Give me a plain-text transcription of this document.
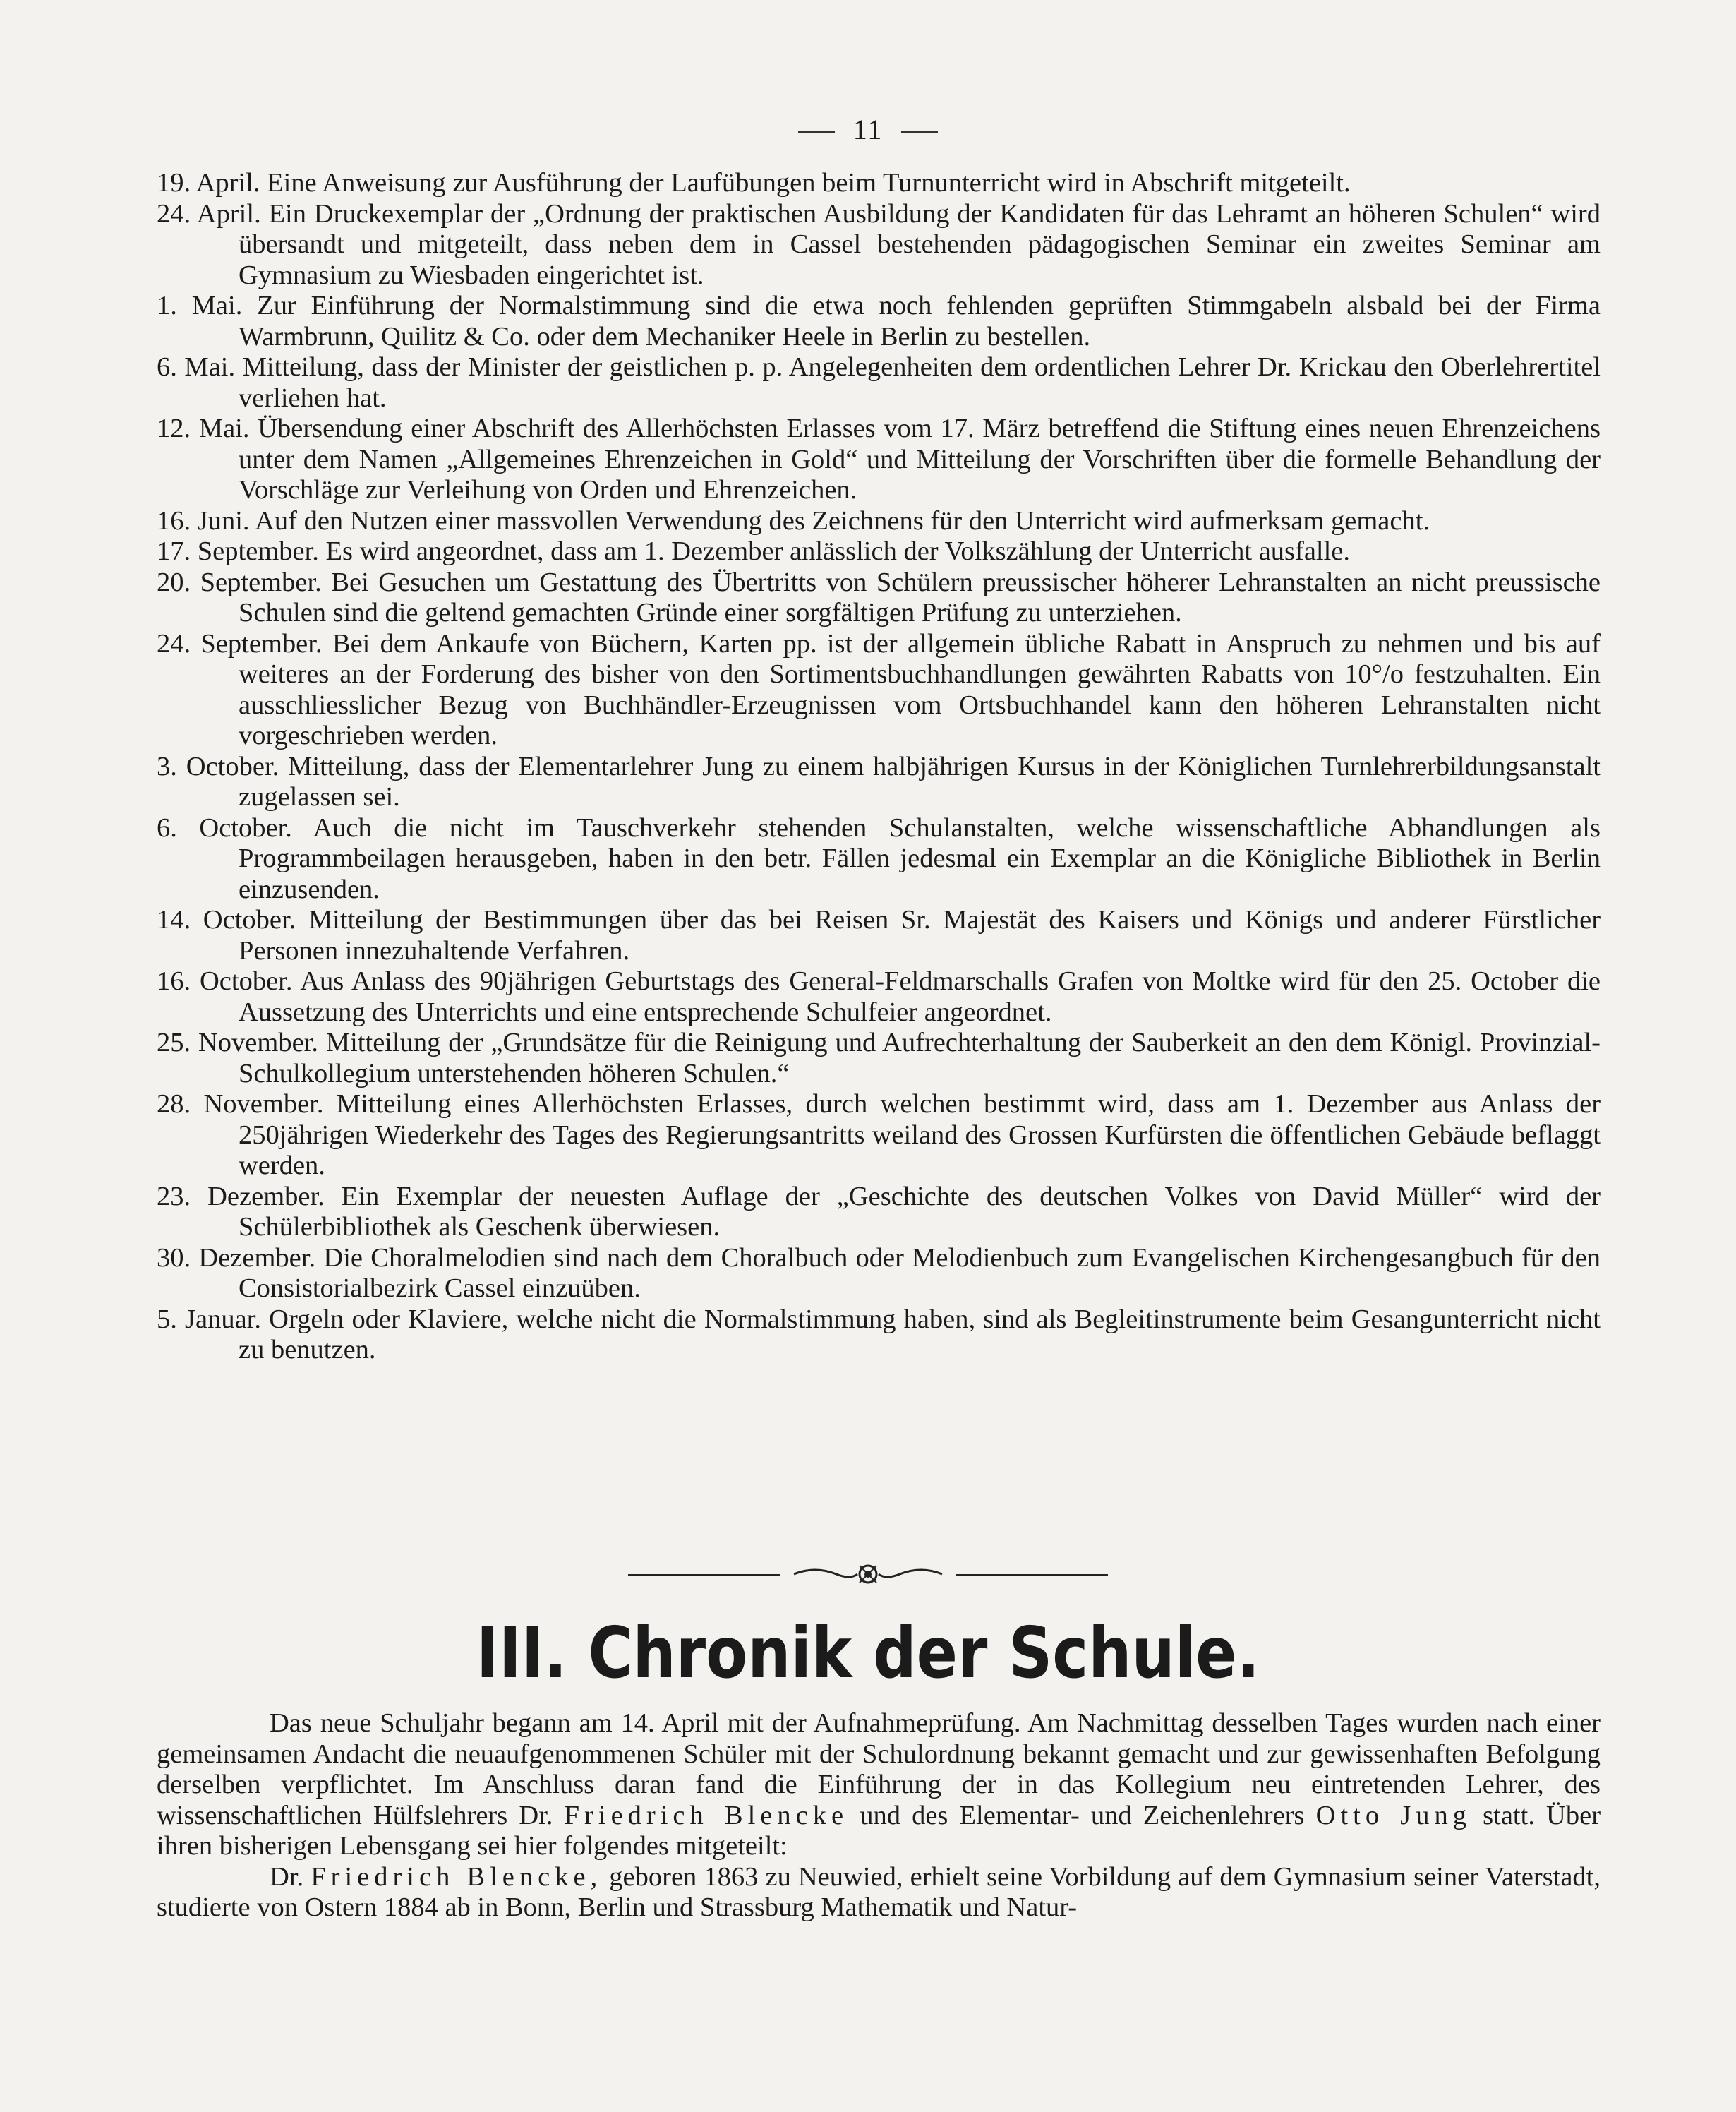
11
19. April. Eine Anweisung zur Ausführung der Laufübungen beim Turnunterricht wird in Abschrift mitgeteilt.
24. April. Ein Druckexemplar der „Ordnung der praktischen Ausbildung der Kandidaten für das Lehramt an höheren Schulen“ wird übersandt und mitgeteilt, dass neben dem in Cassel bestehenden pädagogischen Seminar ein zweites Seminar am Gymnasium zu Wiesbaden eingerichtet ist.
1. Mai. Zur Einführung der Normalstimmung sind die etwa noch fehlenden geprüften Stimmgabeln alsbald bei der Firma Warmbrunn, Quilitz & Co. oder dem Mechaniker Heele in Berlin zu bestellen.
6. Mai. Mitteilung, dass der Minister der geistlichen p. p. Angelegenheiten dem ordentlichen Lehrer Dr. Krickau den Oberlehrertitel verliehen hat.
12. Mai. Übersendung einer Abschrift des Allerhöchsten Erlasses vom 17. März betreffend die Stiftung eines neuen Ehrenzeichens unter dem Namen „Allgemeines Ehrenzeichen in Gold“ und Mitteilung der Vorschriften über die formelle Behandlung der Vorschläge zur Verleihung von Orden und Ehrenzeichen.
16. Juni. Auf den Nutzen einer massvollen Verwendung des Zeichnens für den Unterricht wird aufmerksam gemacht.
17. September. Es wird angeordnet, dass am 1. Dezember anlässlich der Volkszählung der Unterricht ausfalle.
20. September. Bei Gesuchen um Gestattung des Übertritts von Schülern preussischer höherer Lehranstalten an nicht preussische Schulen sind die geltend gemachten Gründe einer sorgfältigen Prüfung zu unterziehen.
24. September. Bei dem Ankaufe von Büchern, Karten pp. ist der allgemein übliche Rabatt in Anspruch zu nehmen und bis auf weiteres an der Forderung des bisher von den Sortimentsbuchhandlungen gewährten Rabatts von 10°/o festzuhalten. Ein ausschliesslicher Bezug von Buchhändler-Erzeugnissen vom Ortsbuchhandel kann den höheren Lehranstalten nicht vorgeschrieben werden.
3. October. Mitteilung, dass der Elementarlehrer Jung zu einem halbjährigen Kursus in der Königlichen Turnlehrerbildungsanstalt zugelassen sei.
6. October. Auch die nicht im Tauschverkehr stehenden Schulanstalten, welche wissenschaftliche Abhandlungen als Programmbeilagen herausgeben, haben in den betr. Fällen jedesmal ein Exemplar an die Königliche Bibliothek in Berlin einzusenden.
14. October. Mitteilung der Bestimmungen über das bei Reisen Sr. Majestät des Kaisers und Königs und anderer Fürstlicher Personen innezuhaltende Verfahren.
16. October. Aus Anlass des 90jährigen Geburtstags des General-Feldmarschalls Grafen von Moltke wird für den 25. October die Aussetzung des Unterrichts und eine entsprechende Schulfeier angeordnet.
25. November. Mitteilung der „Grundsätze für die Reinigung und Aufrechterhaltung der Sauberkeit an den dem Königl. Provinzial-Schulkollegium unterstehenden höheren Schulen.“
28. November. Mitteilung eines Allerhöchsten Erlasses, durch welchen bestimmt wird, dass am 1. Dezember aus Anlass der 250jährigen Wiederkehr des Tages des Regierungsantritts weiland des Grossen Kurfürsten die öffentlichen Gebäude beflaggt werden.
23. Dezember. Ein Exemplar der neuesten Auflage der „Geschichte des deutschen Volkes von David Müller“ wird der Schülerbibliothek als Geschenk überwiesen.
30. Dezember. Die Choralmelodien sind nach dem Choralbuch oder Melodienbuch zum Evangelischen Kirchengesangbuch für den Consistorialbezirk Cassel einzuüben.
5. Januar. Orgeln oder Klaviere, welche nicht die Normalstimmung haben, sind als Begleitinstrumente beim Gesangunterricht nicht zu benutzen.
III. Chronik der Schule.

Das neue Schuljahr begann am 14. April mit der Aufnahmeprüfung. Am Nachmittag desselben Tages wurden nach einer gemeinsamen Andacht die neuaufgenommenen Schüler mit der Schulordnung bekannt gemacht und zur gewissenhaften Befolgung derselben verpflichtet. Im Anschluss daran fand die Einführung der in das Kollegium neu eintretenden Lehrer, des wissenschaftlichen Hülfslehrers Dr. Friedrich Blencke und des Elementar- und Zeichenlehrers Otto Jung statt. Über ihren bisherigen Lebensgang sei hier folgendes mitgeteilt:

Dr. Friedrich Blencke, geboren 1863 zu Neuwied, erhielt seine Vorbildung auf dem Gymnasium seiner Vaterstadt, studierte von Ostern 1884 ab in Bonn, Berlin und Strassburg Mathematik und Natur-
